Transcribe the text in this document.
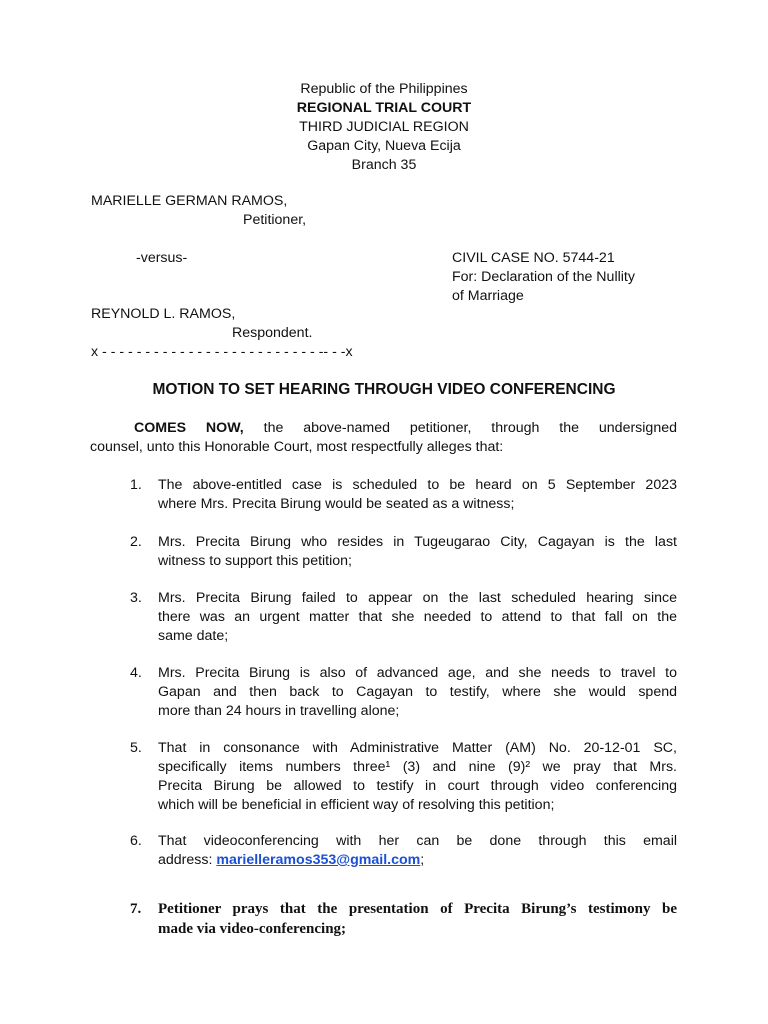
Republic of the Philippines
REGIONAL TRIAL COURT
THIRD JUDICIAL REGION
Gapan City, Nueva Ecija
Branch 35
MARIELLE GERMAN RAMOS,
Petitioner,
-versus-
REYNOLD L. RAMOS,
Respondent.
x - - - - - - - - - - - - - - - - - - - - - - - - - -- - -x
CIVIL CASE NO. 5744-21
For: Declaration of the Nullity
of Marriage
MOTION TO SET HEARING THROUGH VIDEO CONFERENCING
COMES NOW, the above-named petitioner, through the undersigned
counsel, unto this Honorable Court, most respectfully alleges that:
1.	The above-entitled case is scheduled to be heard on 5 September 2023
where Mrs. Precita Birung would be seated as a witness;
2.	Mrs. Precita Birung who resides in Tugeugarao City, Cagayan is the last
witness to support this petition;
3.	Mrs. Precita Birung failed to appear on the last scheduled hearing since
there was an urgent matter that she needed to attend to that fall on the
same date;
4.	Mrs. Precita Birung is also of advanced age, and she needs to travel to
Gapan and then back to Cagayan to testify, where she would spend
more than 24 hours in travelling alone;
5.	That in consonance with Administrative Matter (AM) No. 20-12-01 SC,
specifically items numbers three¹ (3) and nine (9)² we pray that Mrs.
Precita Birung be allowed to testify in court through video conferencing
which will be beneficial in efficient way of resolving this petition;
6.	That videoconferencing with her can be done through this email
address: marielleramos353@gmail.com;
7.	Petitioner prays that the presentation of Precita Birung’s testimony be
made via video-conferencing;
